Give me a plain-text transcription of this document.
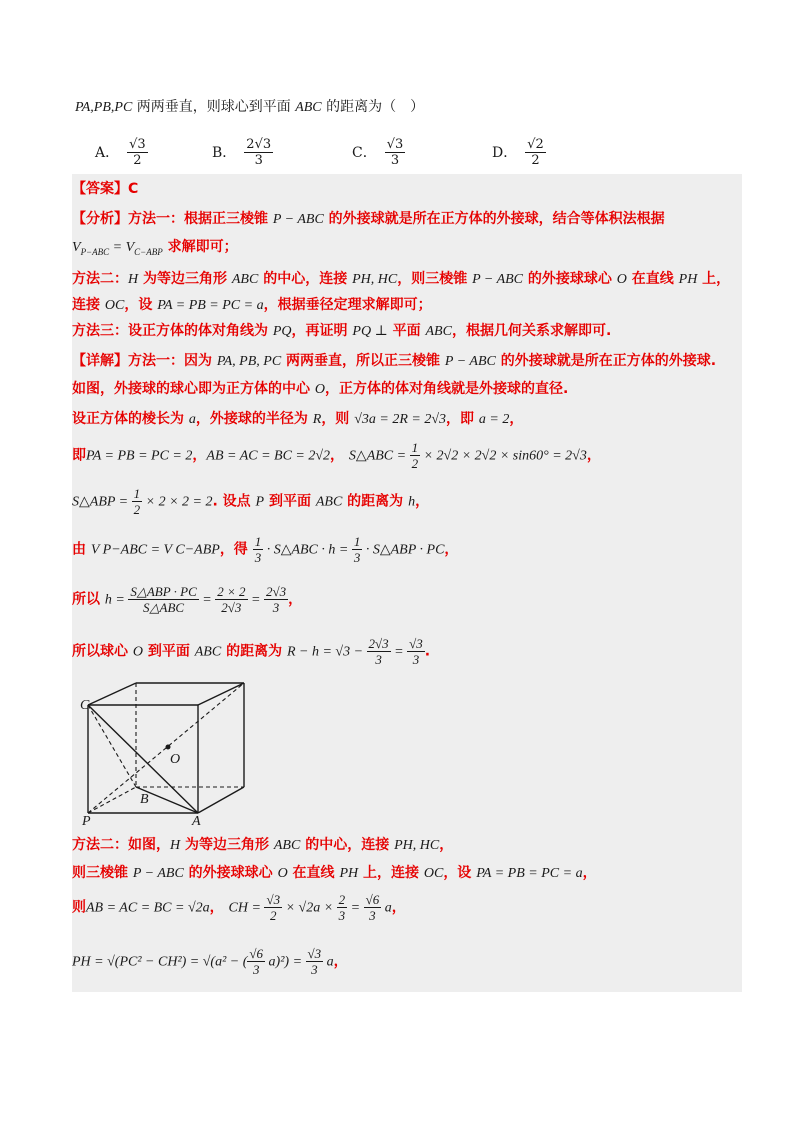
PA,PB,PC 两两垂直，则球心到平面 ABC 的距离为（　）
A． $\frac{√3}{2}$	B． $\frac{2√3}{3}$	C． $\frac{√3}{3}$	D． $\frac{√2}{2}$
【答案】C
【分析】方法一：根据正三棱锥 P − ABC 的外接球就是所在正方体的外接球，结合等体积法根据
$V_{P-ABC} = V_{C-ABP}$ 求解即可；
方法二：H 为等边三角形 ABC 的中心，连接 PH, HC，则三棱锥 P − ABC 的外接球球心 O 在直线 PH 上，
连接 OC，设 PA = PB = PC = a，根据垂径定理求解即可；
方法三：设正方体的体对角线为 PQ，再证明 PQ ⊥ 平面 ABC，根据几何关系求解即可.
【详解】方法一：因为 PA, PB, PC 两两垂直，所以正三棱锥 P − ABC 的外接球就是所在正方体的外接球.
如图，外接球的球心即为正方体的中心 O，正方体的体对角线就是外接球的直径.
设正方体的棱长为 a，外接球的半径为 R，则 √3a = 2R = 2√3，即 a = 2，
即PA = PB = PC = 2，AB = AC = BC = 2√2， S△ABC = $\frac{1}{2} \times 2√2 \times 2√2 \times \sin 60^\circ = 2√3$，
S△ABP = $\frac{1}{2} \times 2 \times 2 = 2$. 设点 P 到平面 ABC 的距离为 h，
由 V P−ABC = V C−ABP，得 $\frac{1}{3}$ · S△ABC · $h = \frac{1}{3}$ · S△ABP · PC，
所以 h =
S△ABP · PC
S△ABC = $\frac{2 \times 2}{2√3} = \frac{2√3}{3}$ ，
所以球心 O 到平面 ABC 的距离为 $R - h = √3 - \frac{2√3}{3} = \frac{√3}{3}$ .
C
O
B
P	A
方法二：如图，H 为等边三角形 ABC 的中心，连接 PH, HC，
则三棱锥 P − ABC 的外接球球心 O 在直线 PH 上，连接 OC，设 PA = PB = PC = a，
则AB = AC = BC = √2a， CH = $\frac{√3}{2} \times √2a \times \frac{2}{3} = \frac{√6}{3}$ a，
PH = √(PC² − CH²) = √(a² − ( $\frac{√6}{3} a)^2) = \frac{√3}{3}$ a，
